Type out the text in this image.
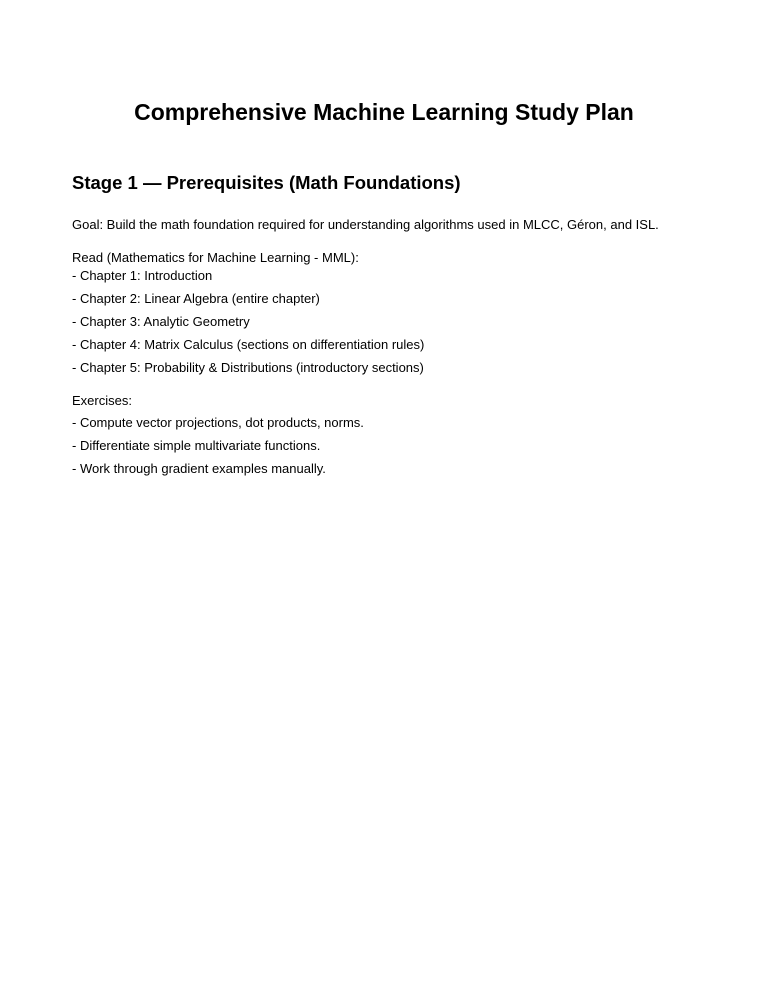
Comprehensive Machine Learning Study Plan
Stage 1 — Prerequisites (Math Foundations)
Goal: Build the math foundation required for understanding algorithms used in MLCC, Géron, and ISL.
Read (Mathematics for Machine Learning - MML):
- Chapter 1: Introduction
- Chapter 2: Linear Algebra (entire chapter)
- Chapter 3: Analytic Geometry
- Chapter 4: Matrix Calculus (sections on differentiation rules)
- Chapter 5: Probability & Distributions (introductory sections)
Exercises:
- Compute vector projections, dot products, norms.
- Differentiate simple multivariate functions.
- Work through gradient examples manually.
